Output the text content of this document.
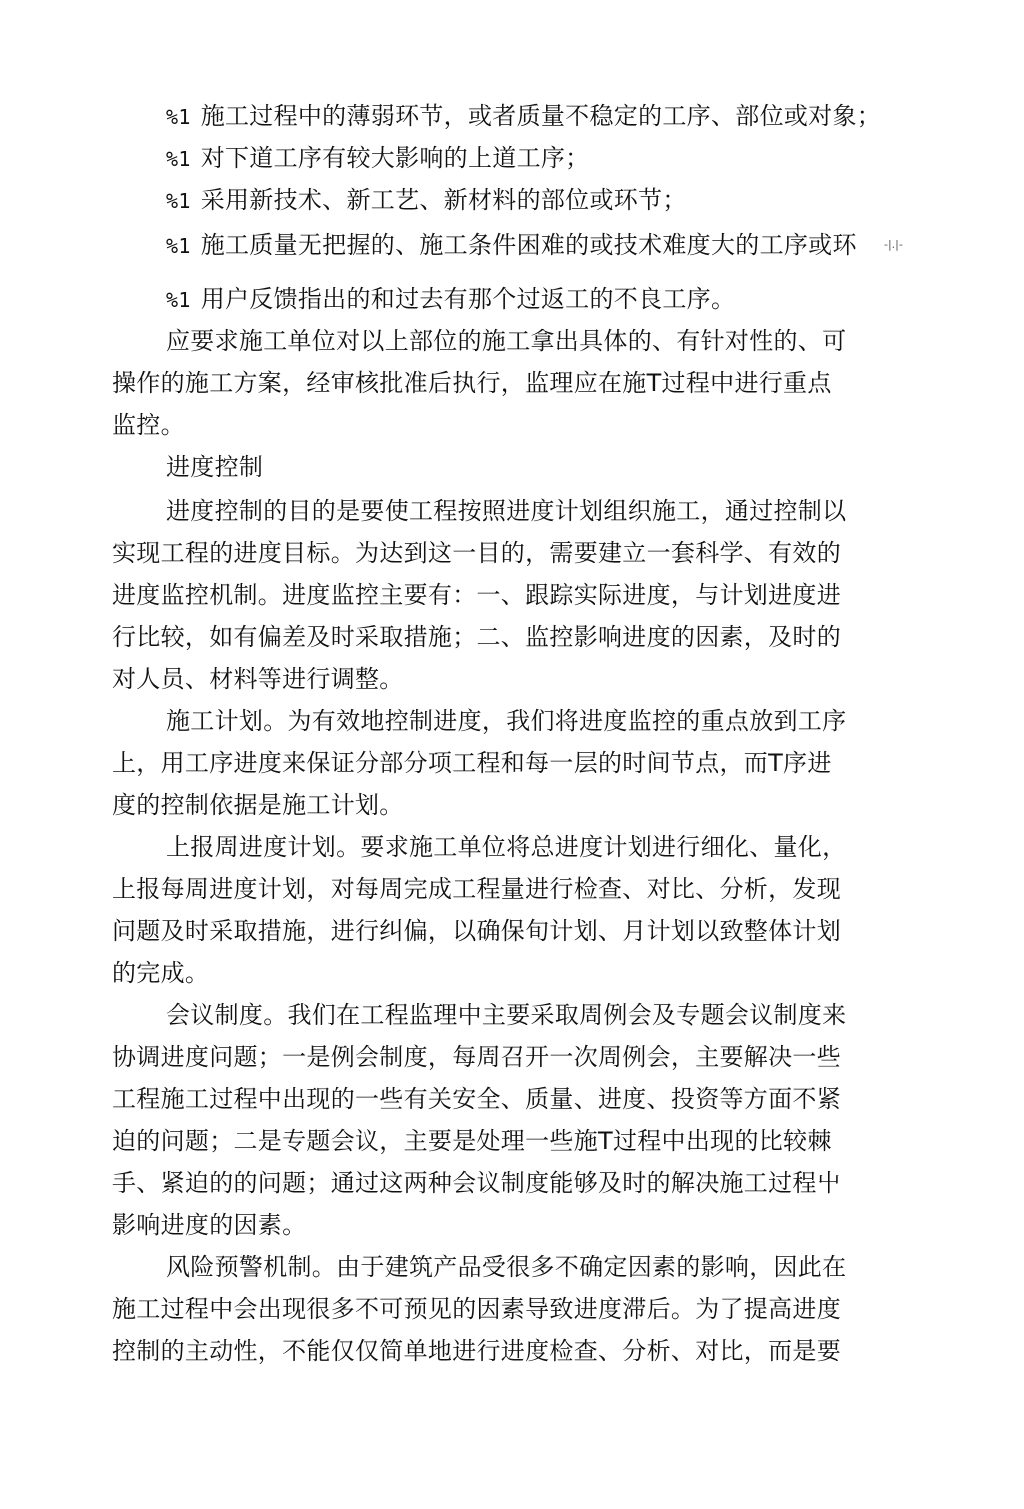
%1 施工过程中的薄弱环节，或者质量不稳定的工序、部位或对象；
%1 对下道工序有较大影响的上道工序；
%1 采用新技术、新工艺、新材料的部位或环节；
%1 施工质量无把握的、施工条件困难的或技术难度大的工序或环 -|.|-
%1 用户反馈指出的和过去有那个过返工的不良工序。
应要求施工单位对以上部位的施工拿出具体的、有针对性的、可
操作的施工方案，经审核批准后执行，监理应在施T过程中进行重点
监控。
进度控制
进度控制的目的是要使工程按照进度计划组织施工，通过控制以
实现工程的进度目标。为达到这一目的，需要建立一套科学、有效的
进度监控机制。进度监控主要有：一、跟踪实际进度，与计划进度进
行比较，如有偏差及时采取措施；二、监控影响进度的因素，及时的
对人员、材料等进行调整。
施工计划。为有效地控制进度，我们将进度监控的重点放到工序
上，用工序进度来保证分部分项工程和每一层的时间节点，而T序进
度的控制依据是施工计划。
上报周进度计划。要求施工单位将总进度计划进行细化、量化，
上报每周进度计划，对每周完成工程量进行检查、对比、分析，发现
问题及时采取措施，进行纠偏，以确保旬计划、月计划以致整体计划
的完成。
会议制度。我们在工程监理中主要采取周例会及专题会议制度来
协调进度问题；一是例会制度，每周召开一次周例会，主要解决一些
工程施工过程中出现的一些有关安全、质量、进度、投资等方面不紧
迫的问题；二是专题会议，主要是处理一些施T过程中出现的比较棘
手、紧迫的的问题；通过这两种会议制度能够及时的解决施工过程屮
影响进度的因素。
风险预警机制。由于建筑产品受很多不确定因素的影响，因此在
施工过程中会出现很多不可预见的因素导致进度滞后。为了提高进度
控制的主动性，不能仅仅简单地进行进度检查、分析、对比，而是要
